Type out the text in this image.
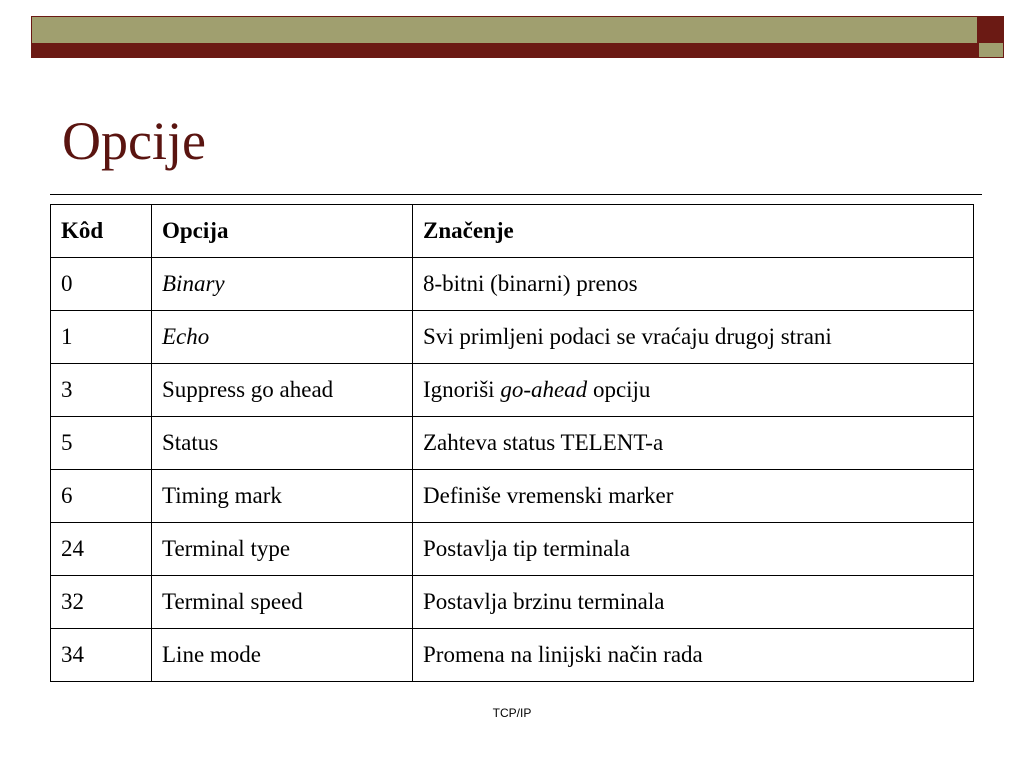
Opcije
Kôd	Opcija	Značenje
0	Binary	8-bitni (binarni) prenos
1	Echo	Svi primljeni podaci se vraćaju drugoj strani
3	Suppress go ahead	Ignoriši go-ahead opciju
5	Status	Zahteva status TELENT-a
6	Timing mark	Definiše vremenski marker
24	Terminal type	Postavlja tip terminala
32	Terminal speed	Postavlja brzinu terminala
34	Line mode	Promena na linijski način rada
TCP/IP
